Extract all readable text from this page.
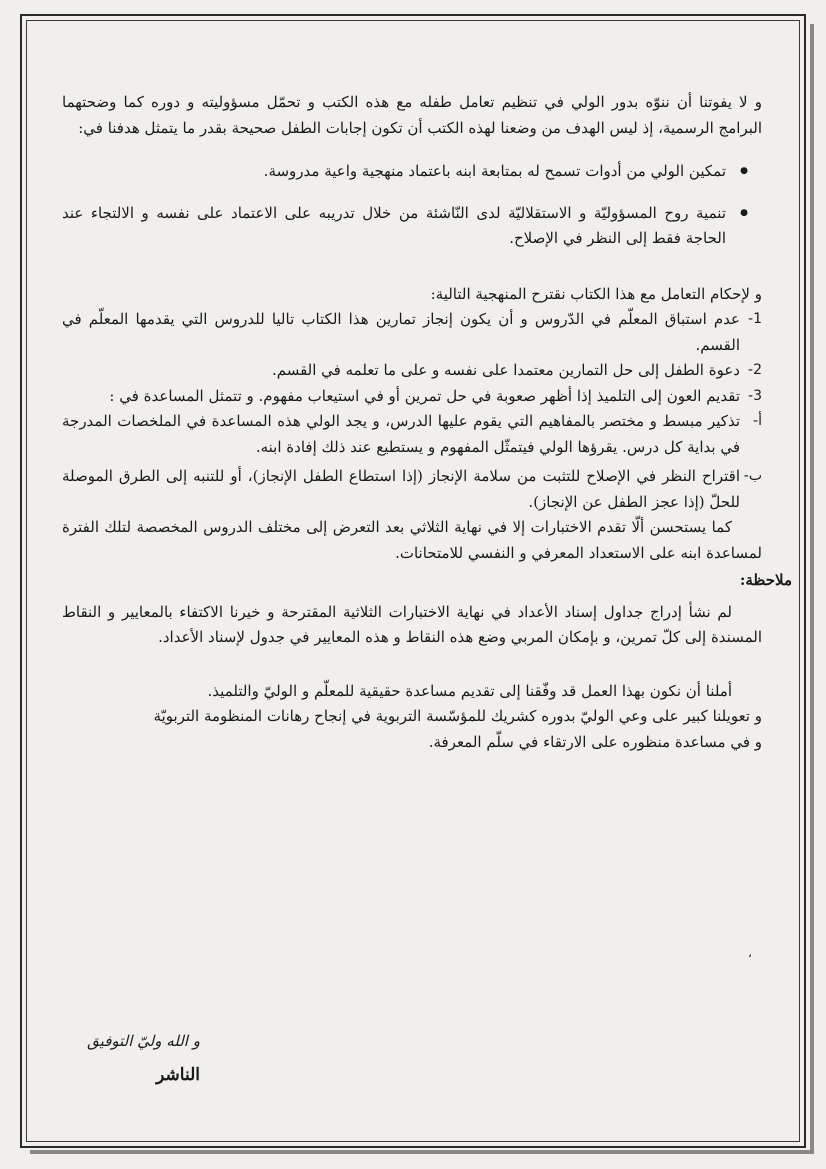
و لا يفوتنا أن ننوّه بدور الولي في تنظيم تعامل طفله مع هذه الكتب و تحمّل مسؤوليته و دوره كما وضحتهما البرامج الرسمية، إذ ليس الهدف من وضعنا لهذه الكتب أن تكون إجابات الطفل صحيحة بقدر ما يتمثل هدفنا في:

● تمكين الولي من أدوات تسمح له بمتابعة ابنه باعتماد منهجية واعية مدروسة.
● تنمية روح المسؤوليّة و الاستقلاليّة لدى النّاشئة من خلال تدريبه على الاعتماد على نفسه و الالتجاء عند الحاجة فقط إلى النظر في الإصلاح.

و لإحكام التعامل مع هذا الكتاب نقترح المنهجية التالية:

1-
عدم استباق المعلّم في الدّروس و أن يكون إنجاز تمارين هذا الكتاب تاليا للدروس التي يقدمها المعلّم في القسم.
2-
دعوة الطفل إلى حل التمارين معتمدا على نفسه و على ما تعلمه في القسم.
3-
تقديم العون إلى التلميذ إذا أظهر صعوبة في حل تمرين أو في استيعاب مفهوم. و تتمثل المساعدة في :
أ-
تذكير مبسط و مختصر بالمفاهيم التي يقوم عليها الدرس، و يجد الولي هذه المساعدة في الملخصات المدرجة في بداية كل درس. يقرؤها الولي فيتمثّل المفهوم و يستطيع عند ذلك إفادة ابنه.
ب-
اقتراح النظر في الإصلاح للتثبت من سلامة الإنجاز (إذا استطاع الطفل الإنجاز)، أو للتنبه إلى الطرق الموصلة للحلّ (إذا عجز الطفل عن الإنجاز).

كما يستحسن ألّا تقدم الاختبارات إلا في نهاية الثلاثي بعد التعرض إلى مختلف الدروس المخصصة لتلك الفترة لمساعدة ابنه على الاستعداد المعرفي و النفسي للامتحانات.

ملاحظة:

لم نشأ إدراج جداول إسناد الأعداد في نهاية الاختبارات الثلاثية المقترحة و خيرنا الاكتفاء بالمعايير و النقاط المسندة إلى كلّ تمرين، و بإمكان المربي وضع هذه النقاط و هذه المعايير في جدول لإسناد الأعداد.

أملنا أن نكون بهذا العمل قد وفّقنا إلى تقديم مساعدة حقيقية للمعلّم و الوليّ والتلميذ.

و تعويلنا كبير على وعي الوليّ بدوره كشريك للمؤسّسة التربوية في إنجاح رهانات المنظومة التربويّة

و في مساعدة منظوره على الارتقاء في سلّم المعرفة.

،
و الله وليّ التوفيق
الناشر
